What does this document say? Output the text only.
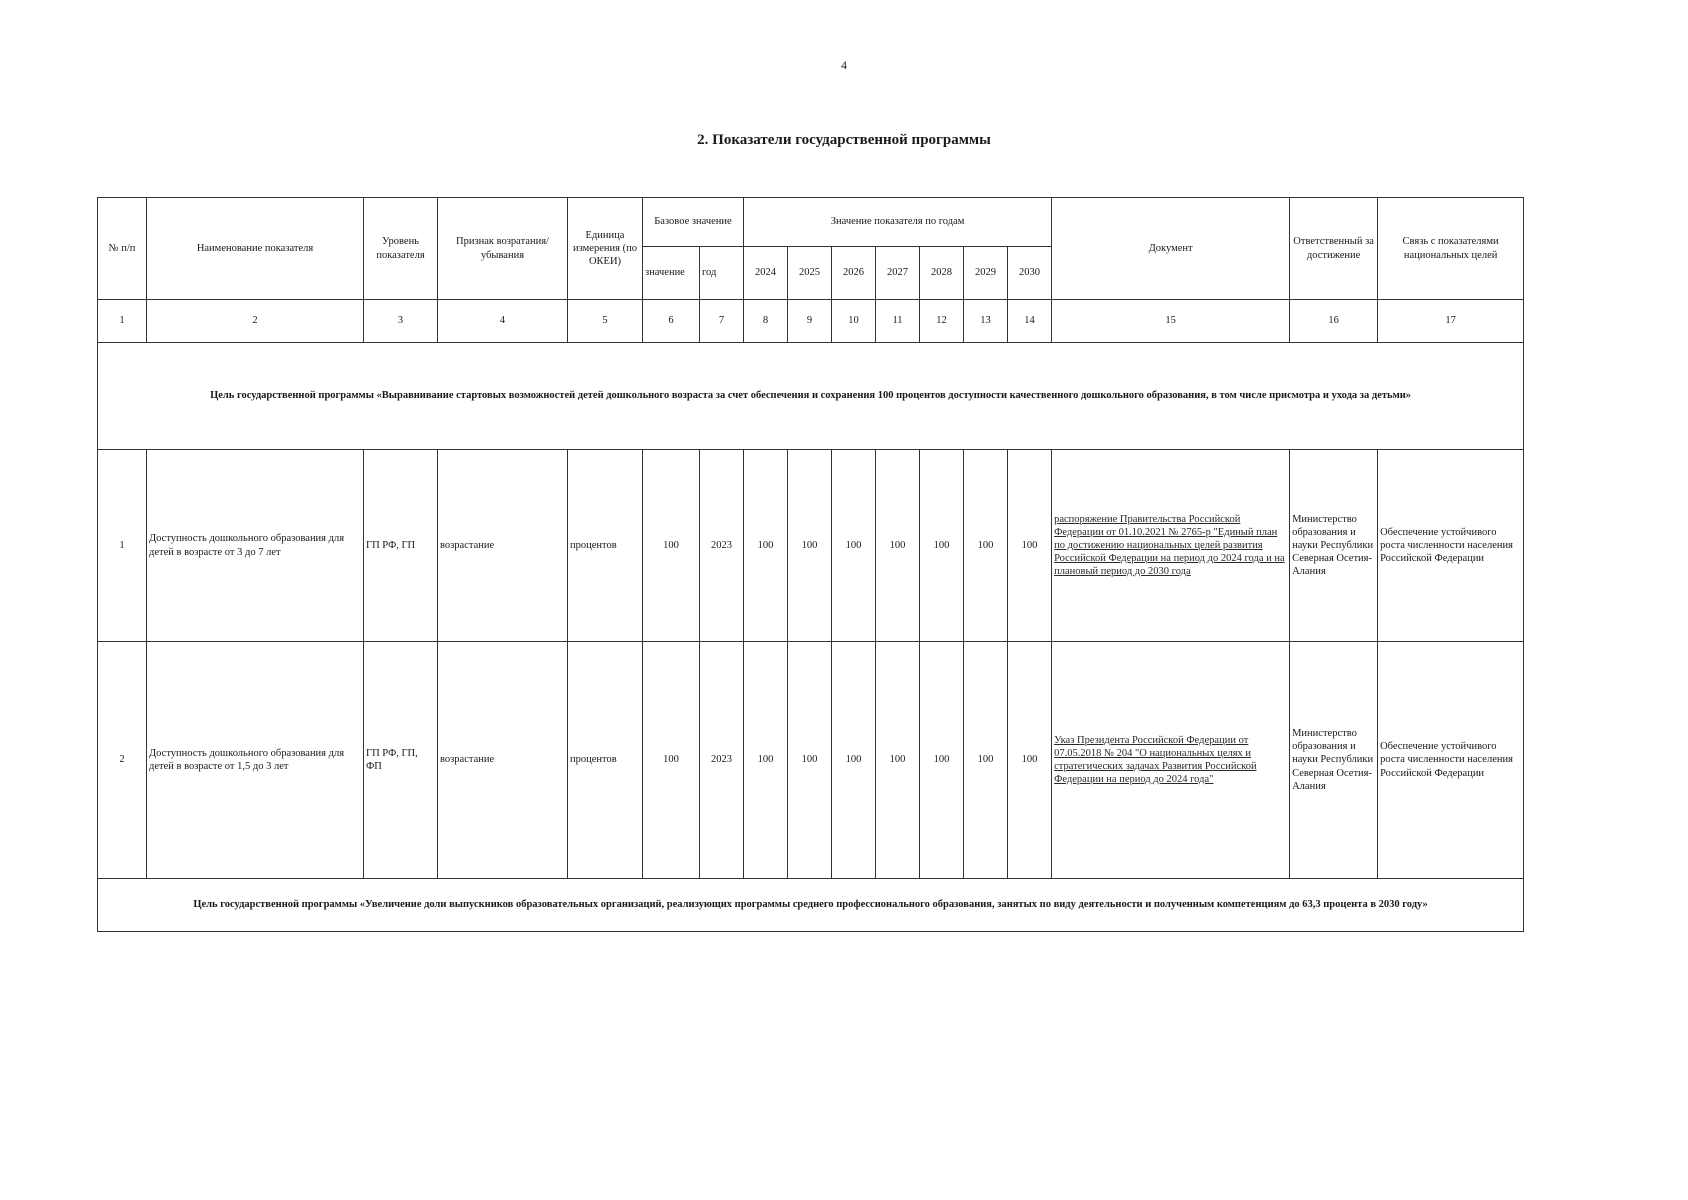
4
2. Показатели государственной программы
№ п/п	Наименование показателя	Уровень показателя	Признак возратания/убывания	Единица измерения (по ОКЕИ)	Базовое значение		Значение показателя по годам							Документ	Ответственный за достижение	Связь с показателями национальных целей
					значение	год	2024	2025	2026	2027	2028	2029	2030			
1	2	3	4	5	6	7	8	9	10	11	12	13	14	15	16	17
Цель государственной программы «Выравнивание стартовых возможностей детей дошкольного возраста за счет обеспечения и сохранения 100 процентов доступности качественного дошкольного образования, в том числе присмотра и ухода за детьми»																
1	Доступность дошкольного образования для детей в возрасте от 3 до 7 лет	ГП РФ, ГП	возрастание	процентов	100	2023	100	100	100	100	100	100	100	распоряжение Правительства Российской Федерации от 01.10.2021 № 2765-р "Единый план по достижению национальных целей развития Российской Федерации на период до 2024 года и на плановый период до 2030 года	Министерство образования и науки Республики Северная Осетия-Алания	Обеспечение устойчивого роста численности населения Российской Федерации
2	Доступность дошкольного образования для детей в возрасте от 1,5 до 3 лет	ГП РФ, ГП, ФП	возрастание	процентов	100	2023	100	100	100	100	100	100	100	Указ Президента Российской Федерации от 07.05.2018 № 204 "О национальных целях и стратегических задачах Развития Российской Федерации на период до 2024 года"	Министерство образования и науки Республики Северная Осетия-Алания	Обеспечение устойчивого роста численности населения Российской Федерации
Цель государственной программы «Увеличение доли выпускников образовательных организаций, реализующих программы среднего профессионального образования, занятых по виду деятельности и полученным компетенциям до 63,3 процента в 2030 году»																
